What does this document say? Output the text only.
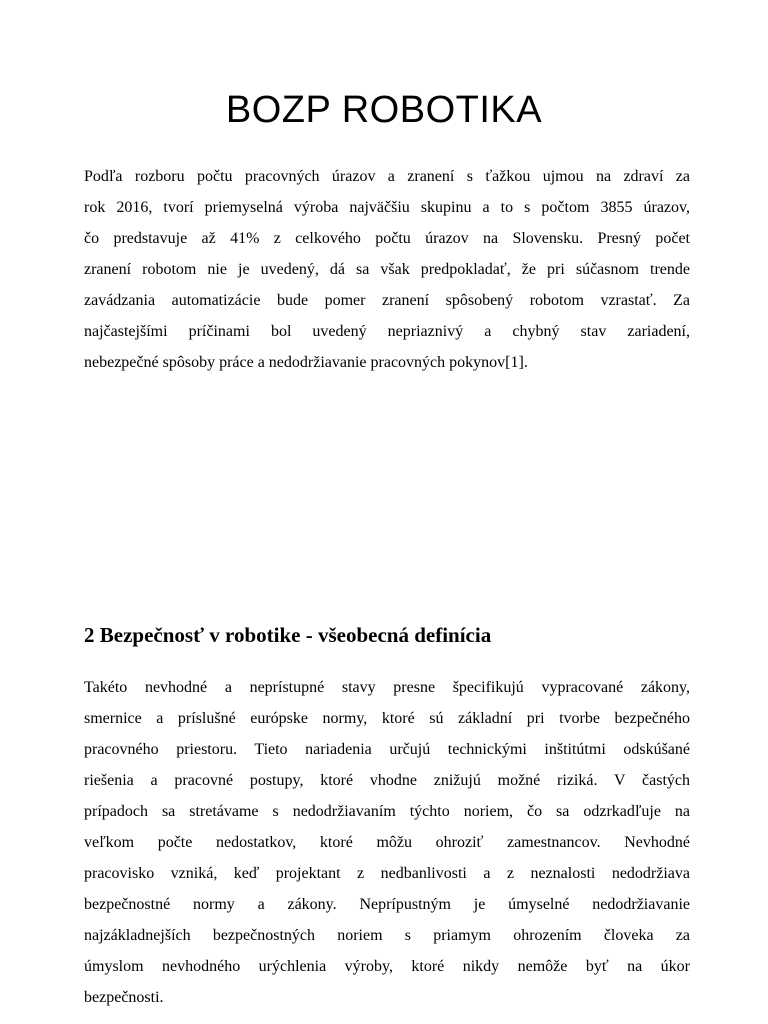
BOZP ROBOTIKA

Podľa rozboru počtu pracovných úrazov a zranení s ťažkou ujmou na zdraví za
rok 2016, tvorí priemyselná výroba najväčšiu skupinu a to s počtom 3855 úrazov,
čo predstavuje až 41% z celkového počtu úrazov na Slovensku. Presný počet
zranení robotom nie je uvedený, dá sa však predpokladať, že pri súčasnom trende
zavádzania automatizácie bude pomer zranení spôsobený robotom vzrastať. Za
najčastejšími príčinami bol uvedený nepriaznivý a chybný stav zariadení,
nebezpečné spôsoby práce a nedodržiavanie pracovných pokynov[1].

2 Bezpečnosť v robotike - všeobecná definícia

Takéto nevhodné a neprístupné stavy presne špecifikujú vypracované zákony,
smernice a príslušné európske normy, ktoré sú základní pri tvorbe bezpečného
pracovného priestoru. Tieto nariadenia určujú technickými inštitútmi odskúšané
riešenia a pracovné postupy, ktoré vhodne znižujú možné riziká. V častých
prípadoch sa stretávame s nedodržiavaním týchto noriem, čo sa odzrkadľuje na
veľkom počte nedostatkov, ktoré môžu ohroziť zamestnancov. Nevhodné
pracovisko vzniká, keď projektant z nedbanlivosti a z neznalosti nedodržiava
bezpečnostné normy a zákony. Neprípustným je úmyselné nedodržiavanie
najzákladnejších bezpečnostných noriem s priamym ohrozením človeka za
úmyslom nevhodného urýchlenia výroby, ktoré nikdy nemôže byť na úkor
bezpečnosti.
